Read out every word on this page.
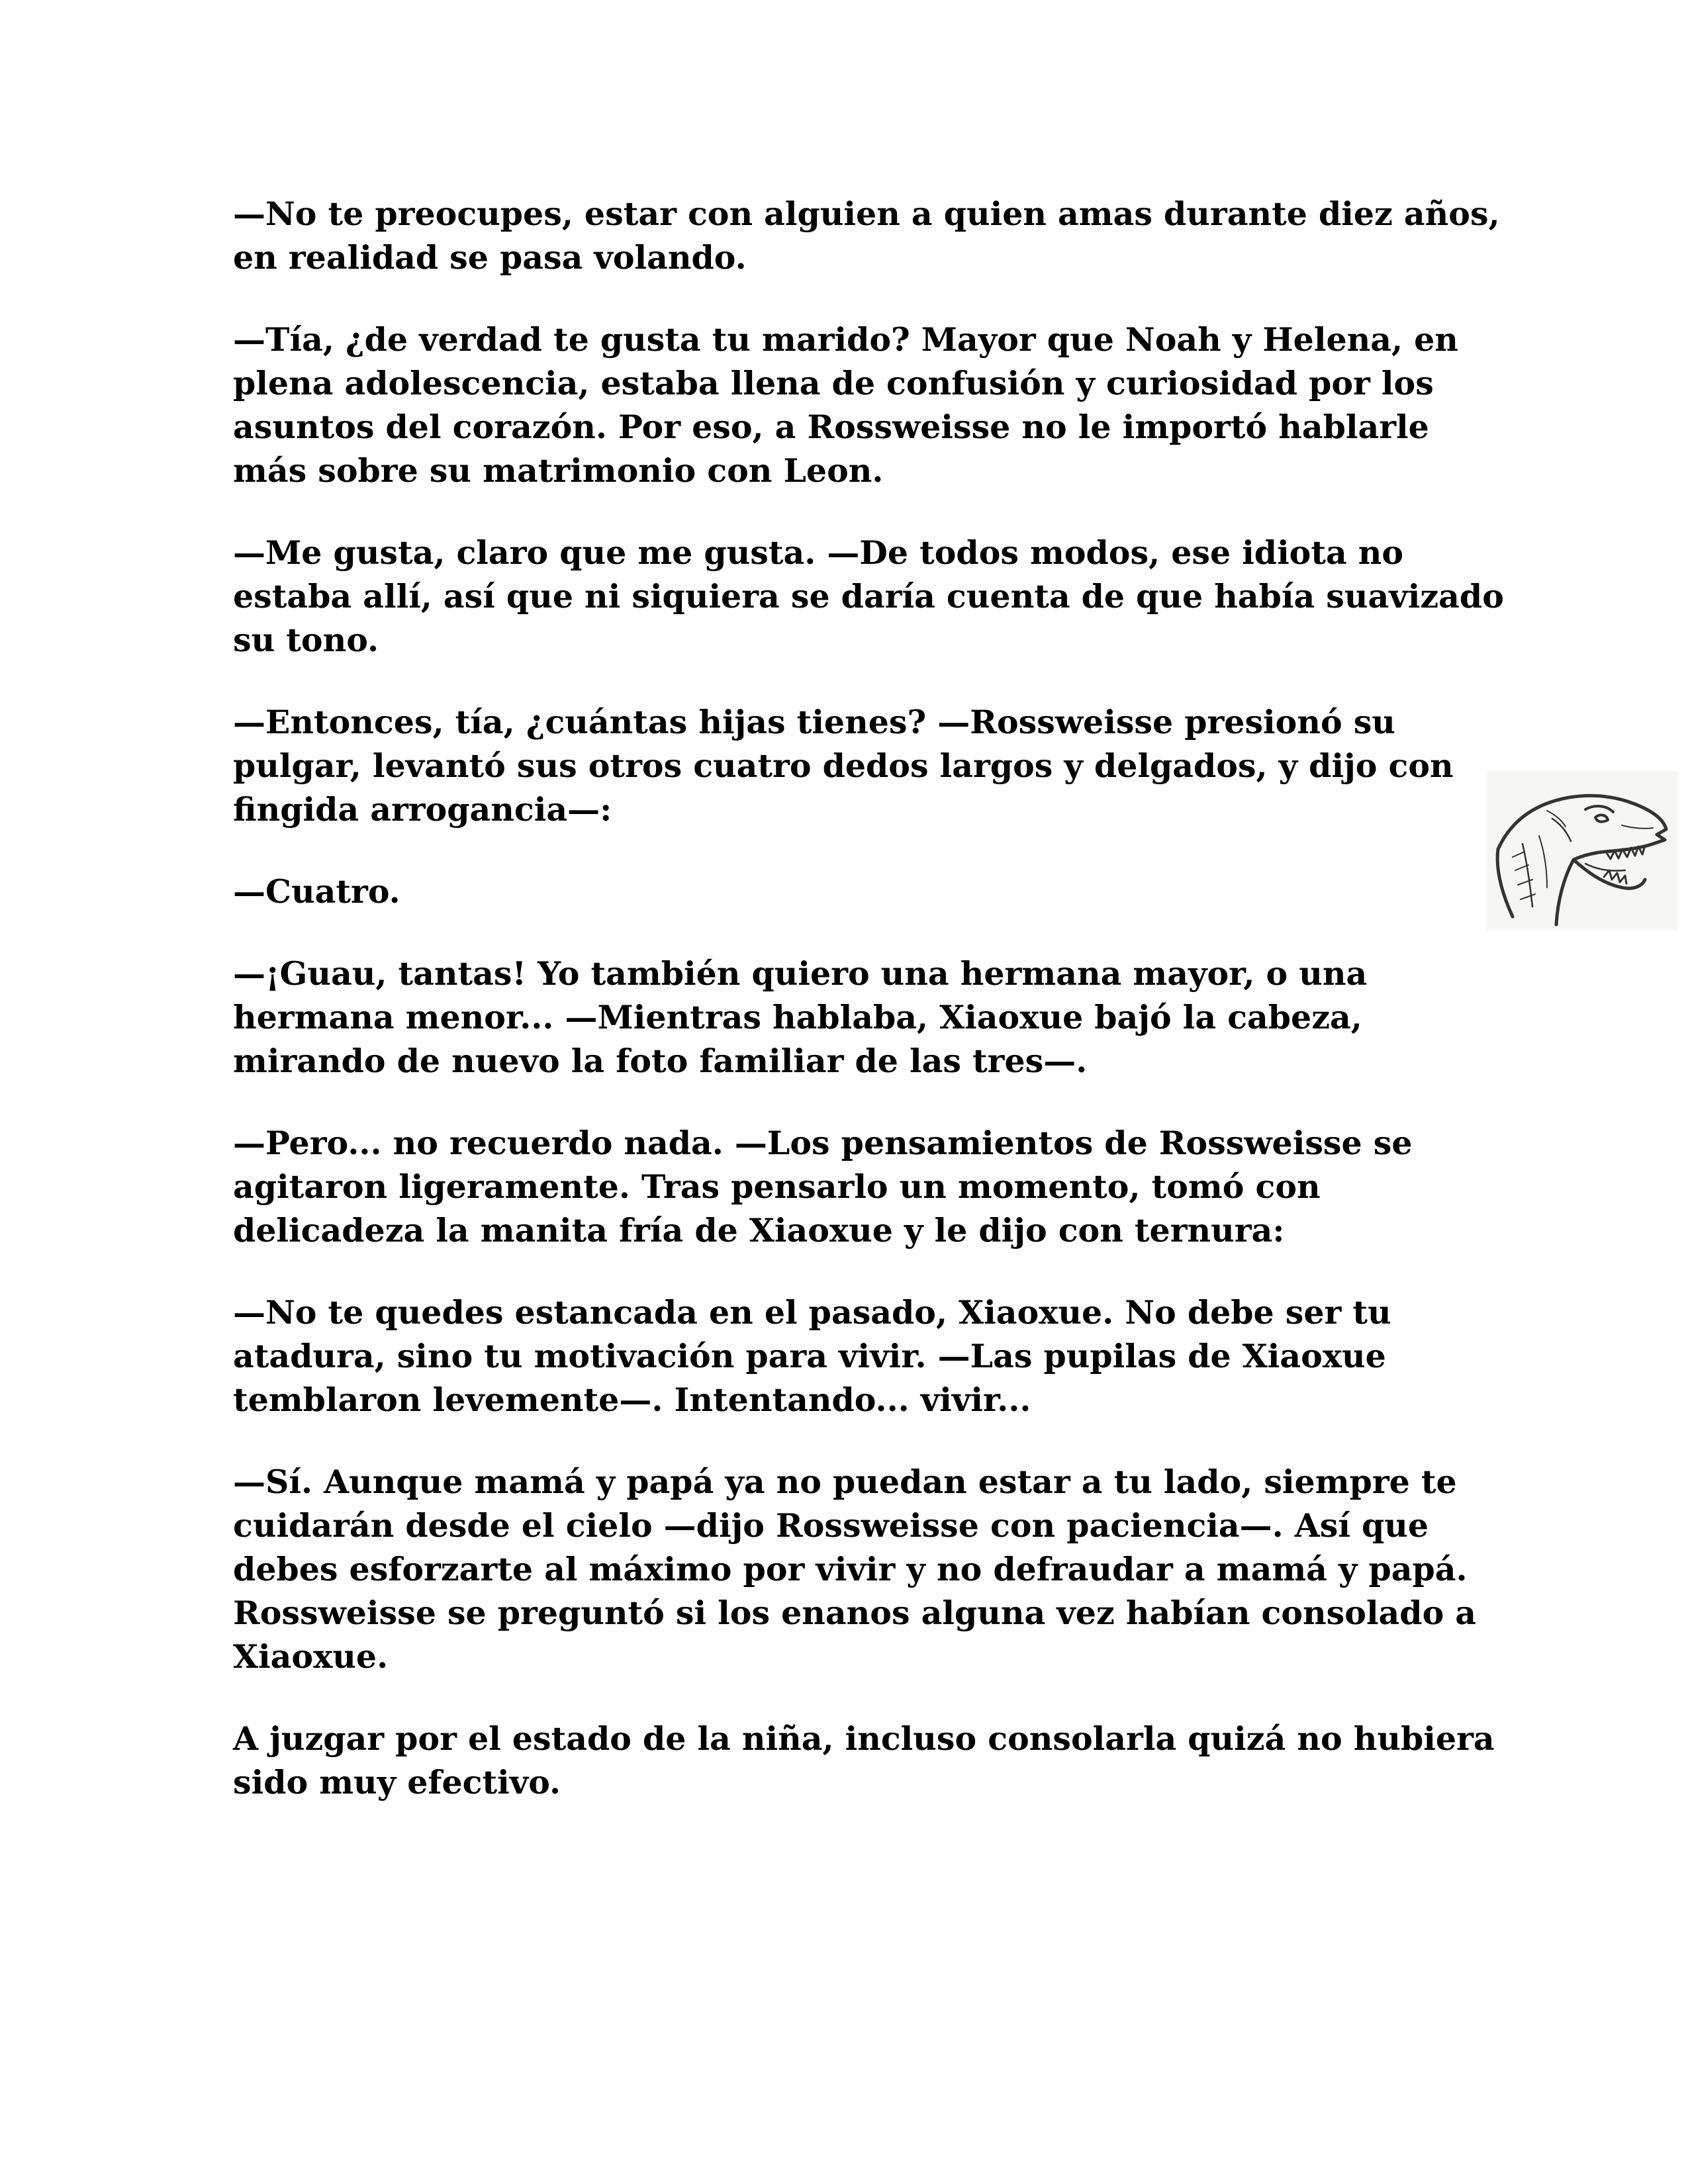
—No te preocupes, estar con alguien a quien amas durante diez años, en realidad se pasa volando.

—Tía, ¿de verdad te gusta tu marido? Mayor que Noah y Helena, en plena adolescencia, estaba llena de confusión y curiosidad por los asuntos del corazón. Por eso, a Rossweisse no le importó hablarle más sobre su matrimonio con Leon.

—Me gusta, claro que me gusta. —De todos modos, ese idiota no estaba allí, así que ni siquiera se daría cuenta de que había suavizado su tono.

—Entonces, tía, ¿cuántas hijas tienes? —Rossweisse presionó su pulgar, levantó sus otros cuatro dedos largos y delgados, y dijo con fingida arrogancia—:

—Cuatro.

—¡Guau, tantas! Yo también quiero una hermana mayor, o una hermana menor... —Mientras hablaba, Xiaoxue bajó la cabeza, mirando de nuevo la foto familiar de las tres—.

—Pero... no recuerdo nada. —Los pensamientos de Rossweisse se agitaron ligeramente. Tras pensarlo un momento, tomó con delicadeza la manita fría de Xiaoxue y le dijo con ternura:

—No te quedes estancada en el pasado, Xiaoxue. No debe ser tu atadura, sino tu motivación para vivir. —Las pupilas de Xiaoxue temblaron levemente—. Intentando... vivir...

—Sí. Aunque mamá y papá ya no puedan estar a tu lado, siempre te cuidarán desde el cielo —dijo Rossweisse con paciencia—. Así que debes esforzarte al máximo por vivir y no defraudar a mamá y papá. Rossweisse se preguntó si los enanos alguna vez habían consolado a Xiaoxue.

A juzgar por el estado de la niña, incluso consolarla quizá no hubiera sido muy efectivo.
